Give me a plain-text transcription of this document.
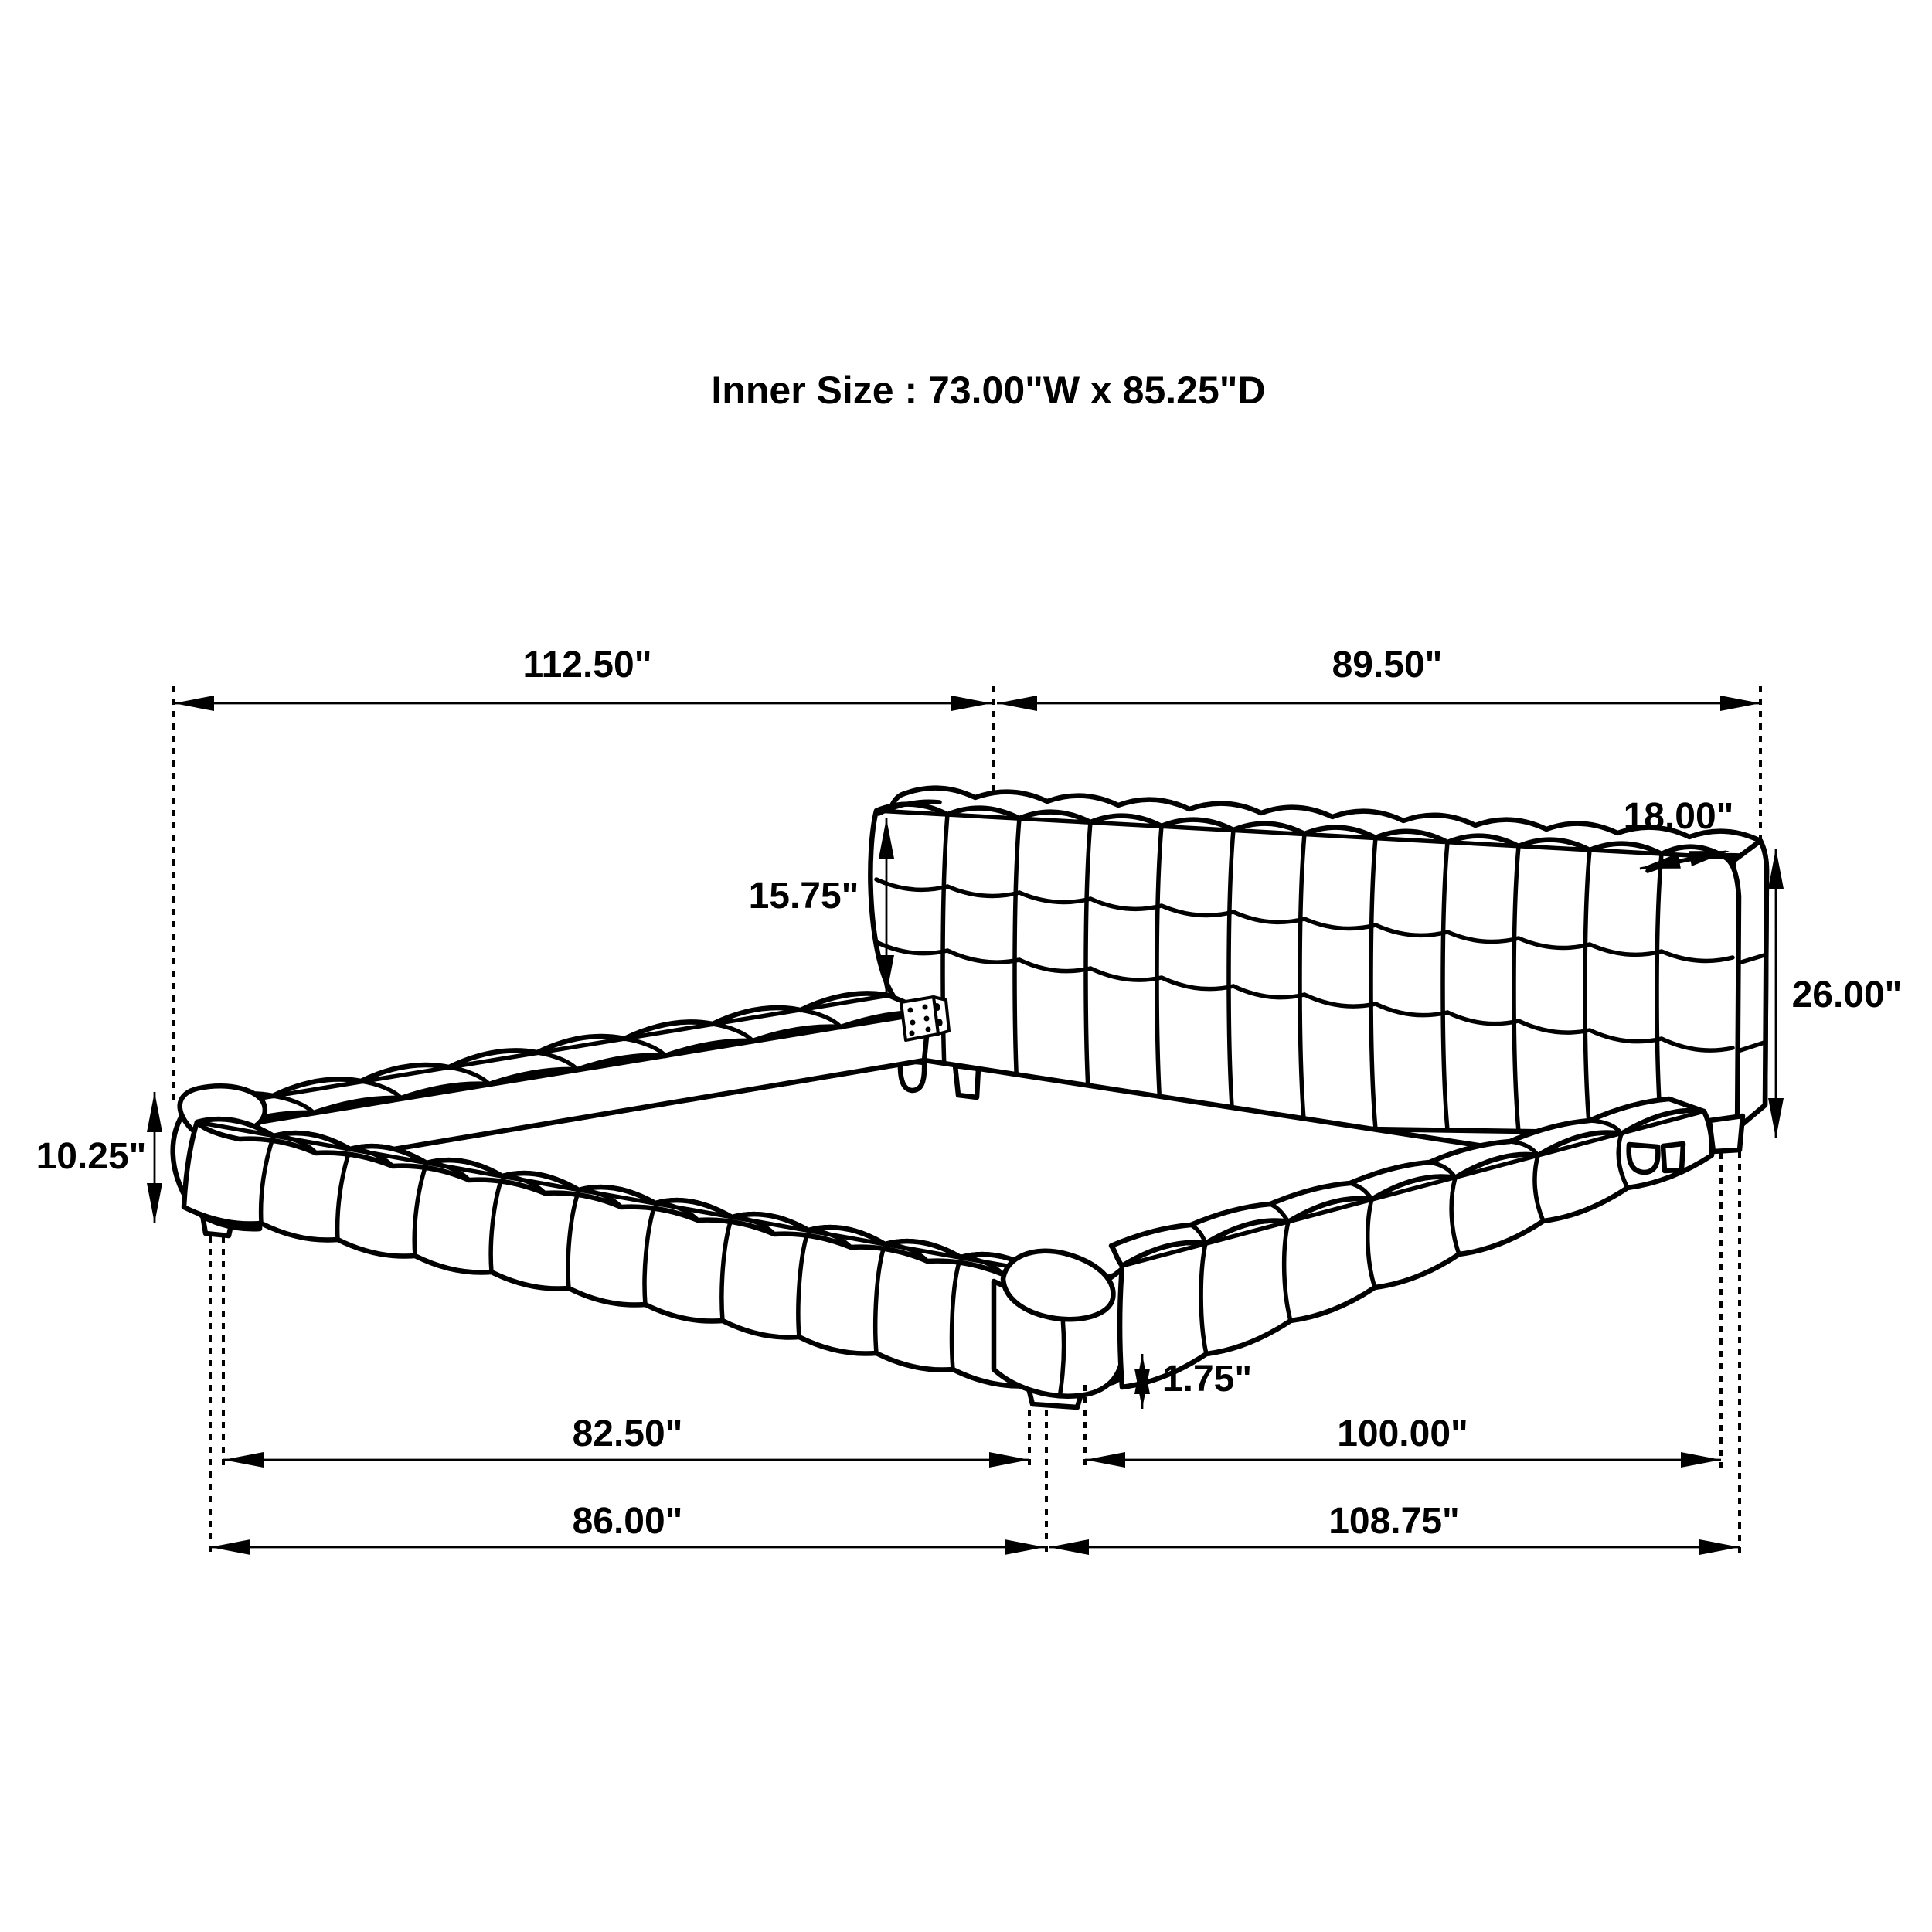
112.50"	89.50"
15.75"
18.00"
26.00"
10.25"
1.75"
82.50"	100.00"
86.00"	108.75"
Inner Size : 73.00"W x 85.25"D
